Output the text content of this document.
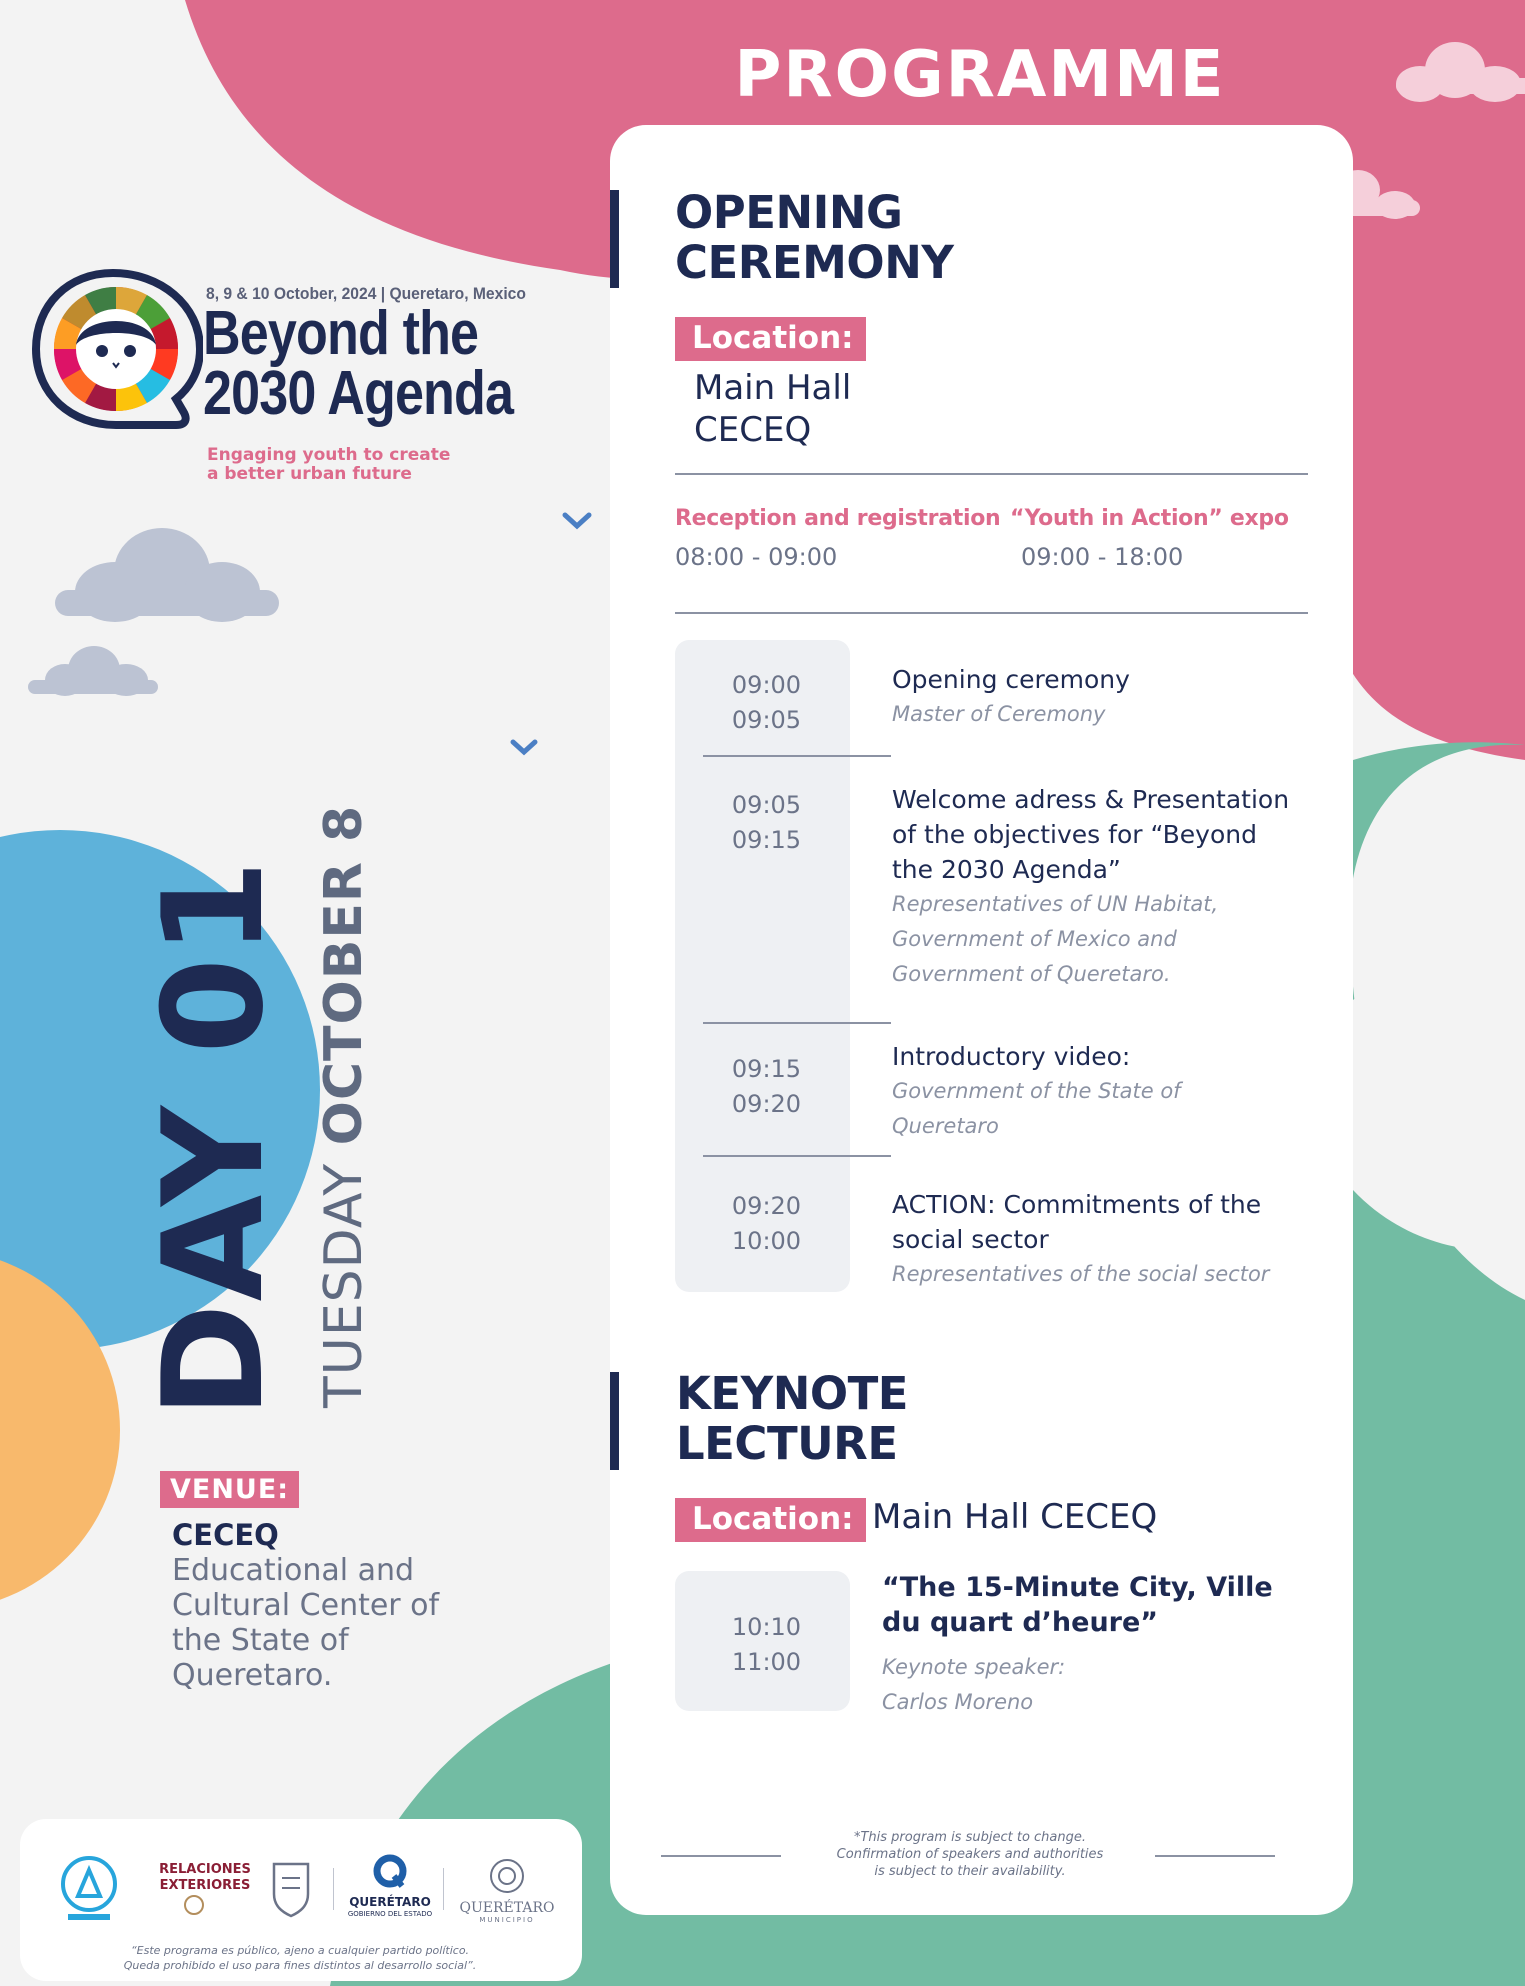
PROGRAMME
8, 9 & 10 October, 2024 | Queretaro, Mexico
Beyond the
2030 Agenda
Engaging youth to create
a better urban future
DAY 01 TUESDAY OCTOBER 8
VENUE:
CECEQ
Educational and
Cultural Center of
the State of
Queretaro.
OPENING
CEREMONY
Location:
Main Hall
CECEQ
Reception and registration
08:00 - 09:00
“Youth in Action” expo
09:00 - 18:00
09:00
09:05
Opening ceremony
Master of Ceremony
09:05
09:15
Welcome adress & Presentation
of the objectives for “Beyond
the 2030 Agenda”
Representatives of UN Habitat,
Government of Mexico and
Government of Queretaro.
09:15
09:20
Introductory video:
Government of the State of
Queretaro
09:20
10:00
ACTION: Commitments of the
social sector
Representatives of the social sector
KEYNOTE
LECTURE
Location: Main Hall CECEQ
10:10
11:00
“The 15-Minute City, Ville
du quart d’heure”
Keynote speaker:
Carlos Moreno
*This program is subject to change.
Confirmation of speakers and authorities
is subject to their availability.
RELACIONES
EXTERIORES
QUERÉTARO
GOBIERNO DEL ESTADO	QUERÉTARO
MUNICIPIO
“Este programa es público, ajeno a cualquier partido político.
Queda prohibido el uso para fines distintos al desarrollo social”.
